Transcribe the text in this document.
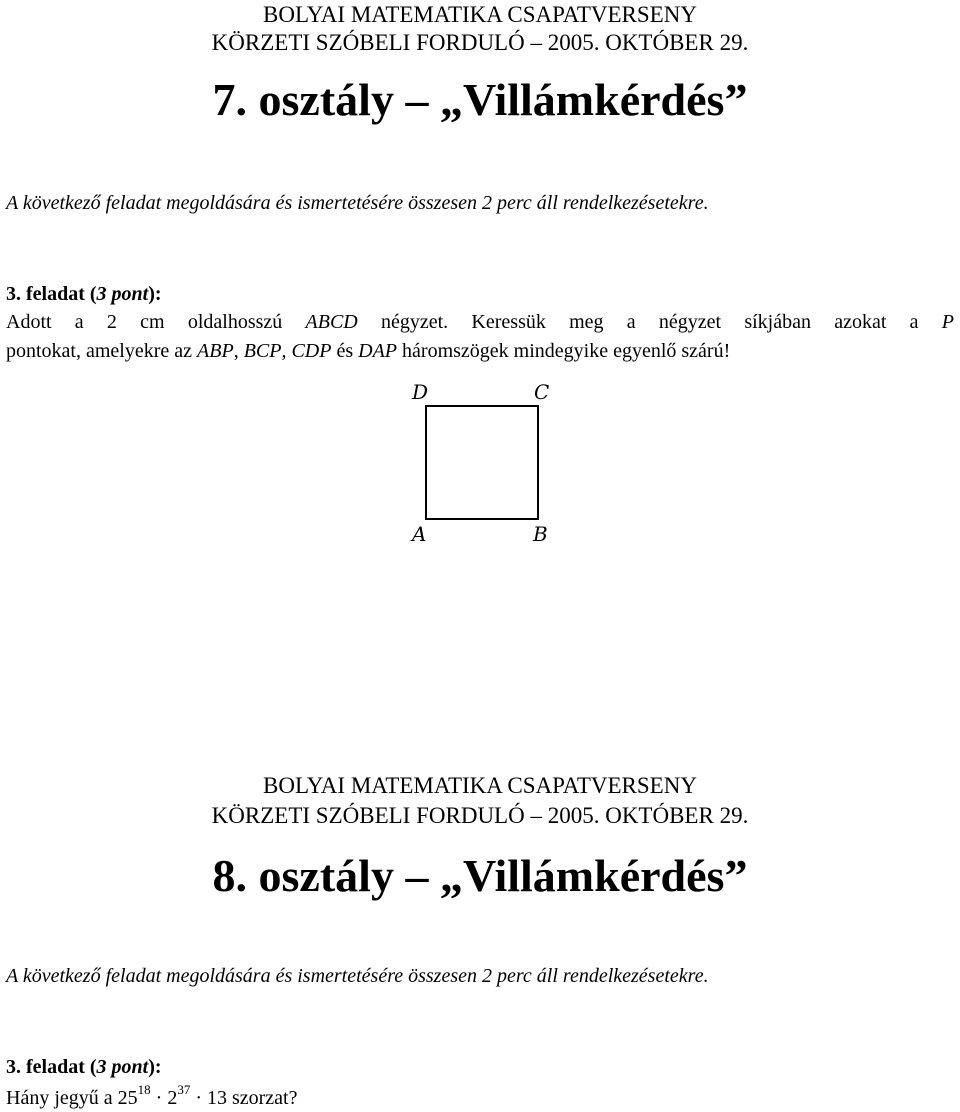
BOLYAI MATEMATIKA CSAPATVERSENY
KÖRZETI SZÓBELI FORDULÓ – 2005. OKTÓBER 29.
7. osztály – „Villámkérdés”
A következő feladat megoldására és ismertetésére összesen 2 perc áll rendelkezésetekre.
3. feladat (3 pont):
Adott a 2 cm oldalhosszú ABCD négyzet. Keressük meg a négyzet síkjában azokat a P
pontokat, amelyekre az ABP, BCP, CDP és DAP háromszögek mindegyike egyenlő szárú!
D	C
A	B
BOLYAI MATEMATIKA CSAPATVERSENY
KÖRZETI SZÓBELI FORDULÓ – 2005. OKTÓBER 29.
8. osztály – „Villámkérdés”
A következő feladat megoldására és ismertetésére összesen 2 perc áll rendelkezésetekre.
3. feladat (3 pont):
Hány jegyű a $25^{18} \cdot 2^{37} \cdot 13$ szorzat?
